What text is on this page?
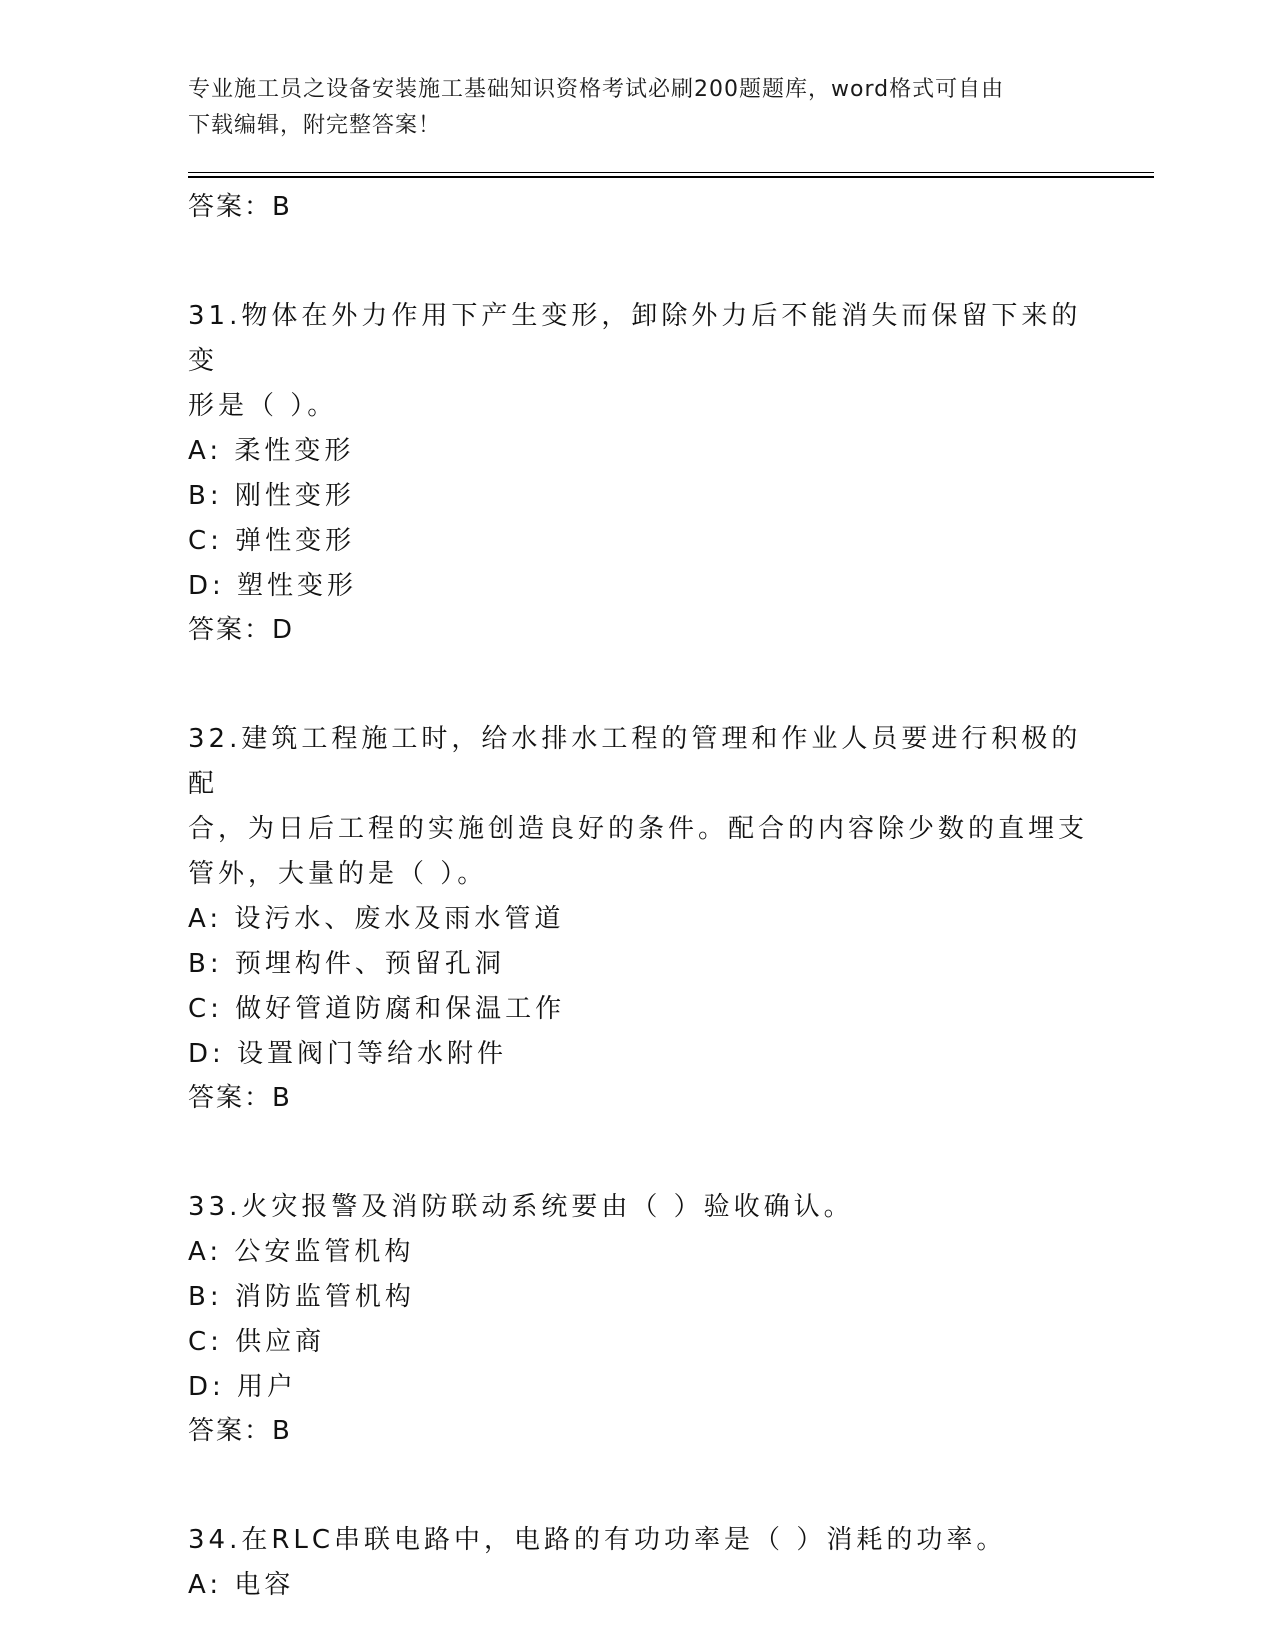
专业施工员之设备安装施工基础知识资格考试必刷200题题库，word格式可自由
下载编辑，附完整答案！

答案：B

31.物体在外力作用下产生变形，卸除外力后不能消失而保留下来的变

形是（ ）。

A: 柔性变形

B: 刚性变形

C: 弹性变形

D: 塑性变形

答案：D

32.建筑工程施工时，给水排水工程的管理和作业人员要进行积极的配

合，为日后工程的实施创造良好的条件。配合的内容除少数的直埋支

管外，大量的是（ ）。

A: 设污水、废水及雨水管道

B: 预埋构件、预留孔洞

C: 做好管道防腐和保温工作

D: 设置阀门等给水附件

答案：B

33.火灾报警及消防联动系统要由（ ）验收确认。

A: 公安监管机构

B: 消防监管机构

C: 供应商

D: 用户

答案：B

34.在RLC串联电路中，电路的有功功率是（ ）消耗的功率。

A: 电容
